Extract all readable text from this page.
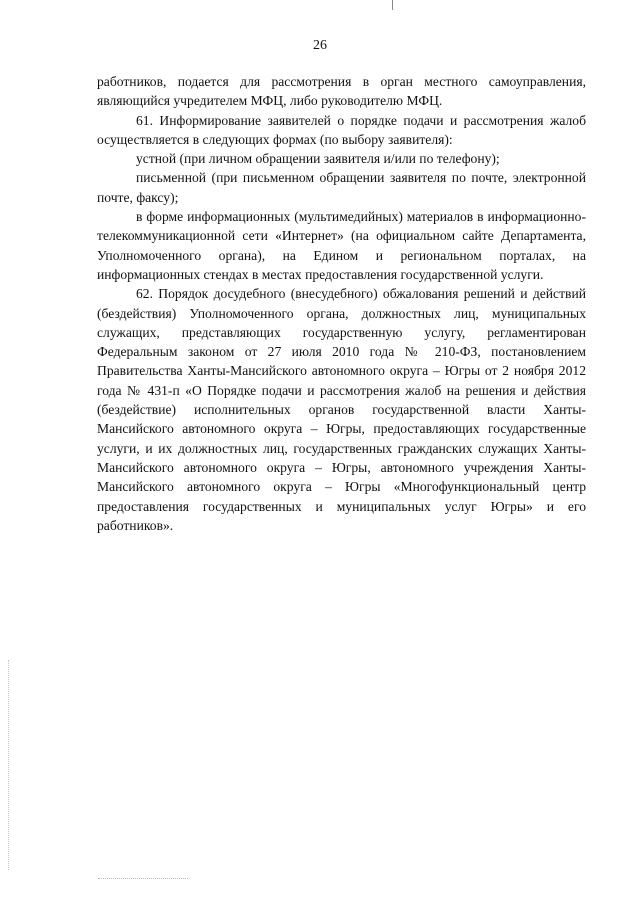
26

работников, подается для рассмотрения в орган местного самоуправления, являющийся учредителем МФЦ, либо руководителю МФЦ.

61. Информирование заявителей о порядке подачи и рассмотрения жалоб осуществляется в следующих формах (по выбору заявителя):

устной (при личном обращении заявителя и/или по телефону);

письменной (при письменном обращении заявителя по почте, электронной почте, факсу);

в форме информационных (мультимедийных) материалов в информационно-телекоммуникационной сети «Интернет» (на официальном сайте Департамента, Уполномоченного органа), на Едином и региональном порталах, на информационных стендах в местах предоставления государственной услуги.

62. Порядок досудебного (внесудебного) обжалования решений и действий (бездействия) Уполномоченного органа, должностных лиц, муниципальных служащих, представляющих государственную услугу, регламентирован Федеральным законом от 27 июля 2010 года № 210-ФЗ, постановлением Правительства Ханты-Мансийского автономного округа – Югры от 2 ноября 2012 года № 431-п «О Порядке подачи и рассмотрения жалоб на решения и действия (бездействие) исполнительных органов государственной власти Ханты-Мансийского автономного округа – Югры, предоставляющих государственные услуги, и их должностных лиц, государственных гражданских служащих Ханты-Мансийского автономного округа – Югры, автономного учреждения Ханты-Мансийского автономного округа – Югры «Многофункциональный центр предоставления государственных и муниципальных услуг Югры» и его работников».
